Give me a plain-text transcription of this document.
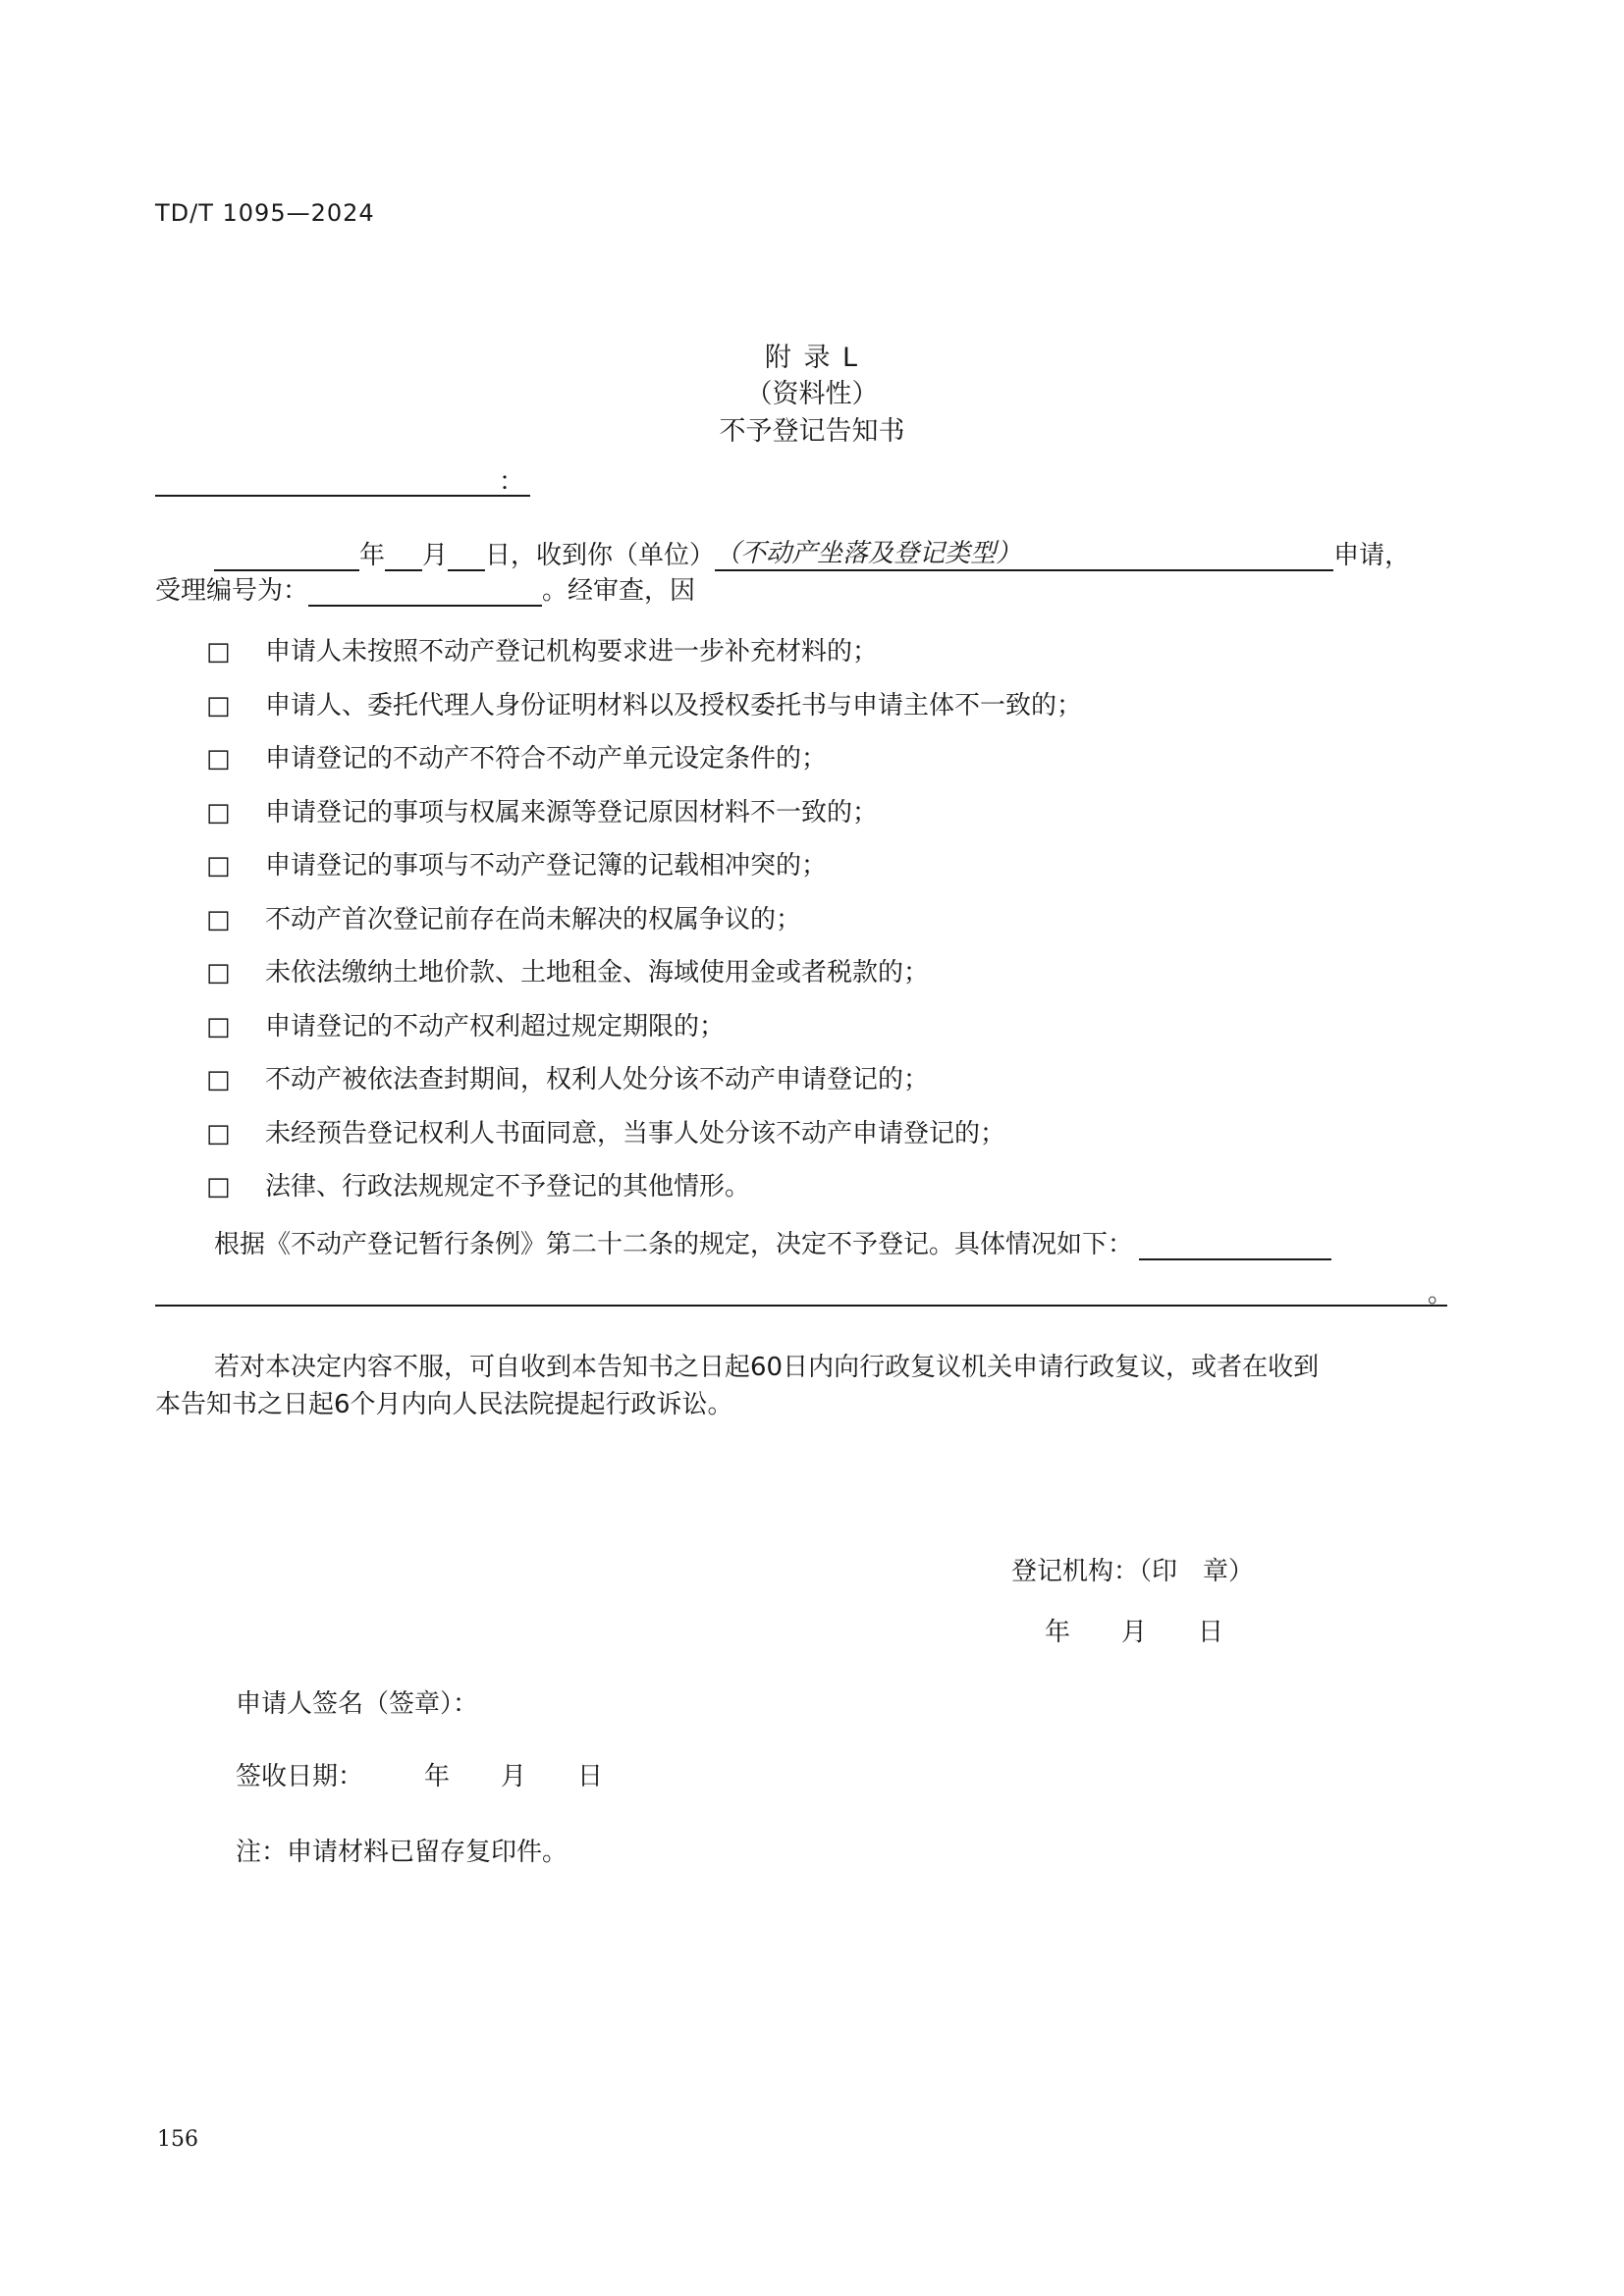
TD/T 1095—2024
附 录 L
（资料性）
不予登记告知书
：
年 月 日，收到你（单位）（不动产坐落及登记类型）	申请，
受理编号为：	。经审查，因
□ 申请人未按照不动产登记机构要求进一步补充材料的；
□ 申请人、委托代理人身份证明材料以及授权委托书与申请主体不一致的；
□ 申请登记的不动产不符合不动产单元设定条件的；
□ 申请登记的事项与权属来源等登记原因材料不一致的；
□ 申请登记的事项与不动产登记簿的记载相冲突的；
□ 不动产首次登记前存在尚未解决的权属争议的；
□ 未依法缴纳土地价款、土地租金、海域使用金或者税款的；
□ 申请登记的不动产权利超过规定期限的；
□ 不动产被依法查封期间，权利人处分该不动产申请登记的；
□ 未经预告登记权利人书面同意，当事人处分该不动产申请登记的；
□ 法律、行政法规规定不予登记的其他情形。
根据《不动产登记暂行条例》第二十二条的规定，决定不予登记。具体情况如下：
。
若对本决定内容不服，可自收到本告知书之日起60日内向行政复议机关申请行政复议，或者在收到
本告知书之日起6个月内向人民法院提起行政诉讼。
登记机构：（印　章）
年　　月　　日
申请人签名（签章）：
签收日期： 年　　月　　日
注：申请材料已留存复印件。
156
